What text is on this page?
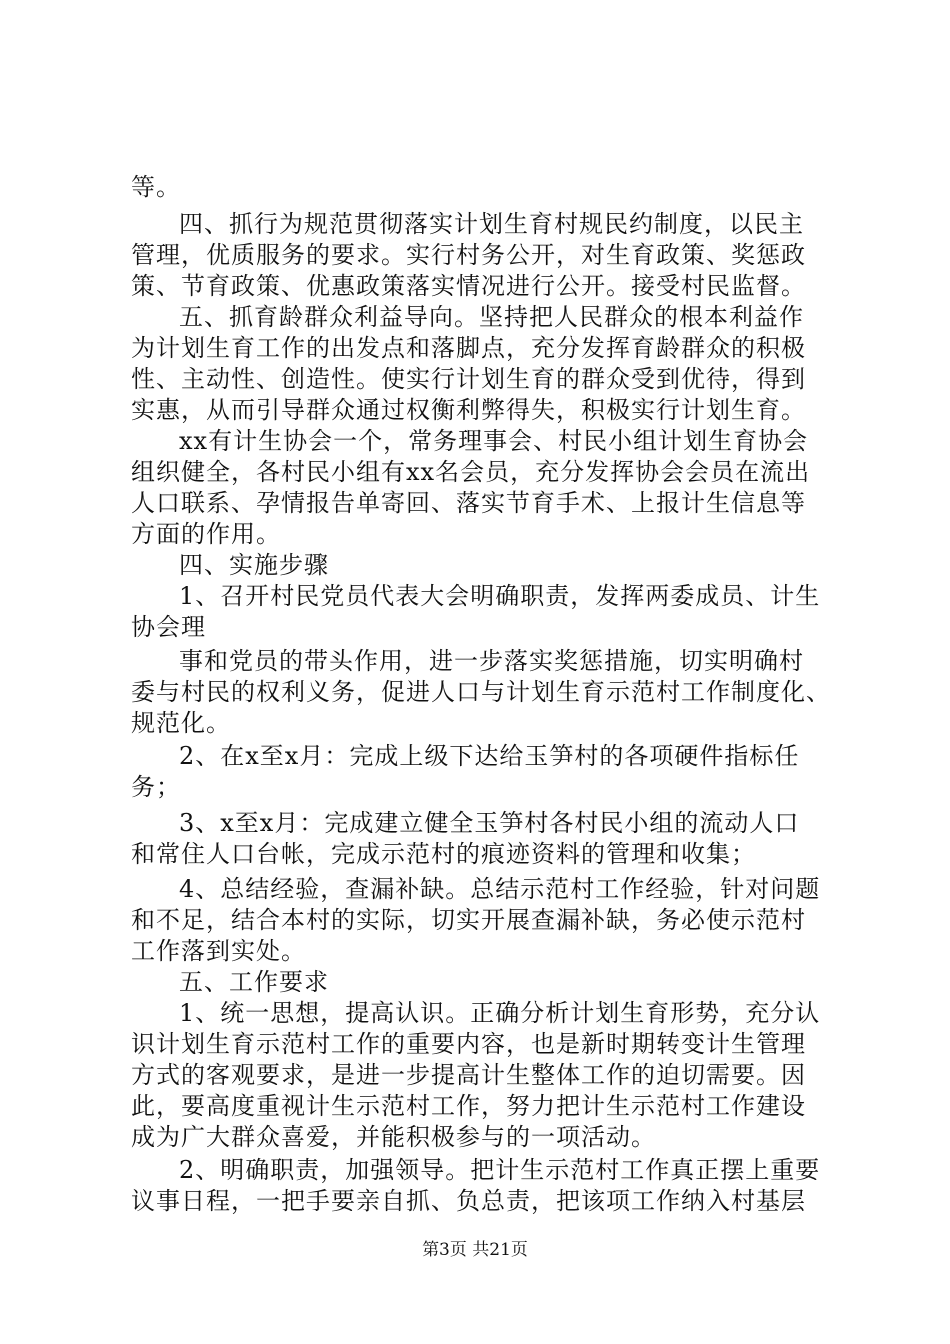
等。
四、抓行为规范贯彻落实计划生育村规民约制度，以民主
管理，优质服务的要求。实行村务公开，对生育政策、奖惩政
策、节育政策、优惠政策落实情况进行公开。接受村民监督。
五、抓育龄群众利益导向。坚持把人民群众的根本利益作
为计划生育工作的出发点和落脚点，充分发挥育龄群众的积极
性、主动性、创造性。使实行计划生育的群众受到优待，得到
实惠，从而引导群众通过权衡利弊得失，积极实行计划生育。
xx有计生协会一个，常务理事会、村民小组计划生育协会
组织健全，各村民小组有xx名会员，充分发挥协会会员在流出
人口联系、孕情报告单寄回、落实节育手术、上报计生信息等
方面的作用。
四、实施步骤
1、召开村民党员代表大会明确职责，发挥两委成员、计生
协会理
事和党员的带头作用，进一步落实奖惩措施，切实明确村
委与村民的权利义务，促进人口与计划生育示范村工作制度化、
规范化。
2、在x至x月：完成上级下达给玉笋村的各项硬件指标任
务；
3、x至x月：完成建立健全玉笋村各村民小组的流动人口
和常住人口台帐，完成示范村的痕迹资料的管理和收集；
4、总结经验，查漏补缺。总结示范村工作经验，针对问题
和不足，结合本村的实际，切实开展查漏补缺，务必使示范村
工作落到实处。
五、工作要求
1、统一思想，提高认识。正确分析计划生育形势，充分认
识计划生育示范村工作的重要内容，也是新时期转变计生管理
方式的客观要求，是进一步提高计生整体工作的迫切需要。因
此，要高度重视计生示范村工作，努力把计生示范村工作建设
成为广大群众喜爱，并能积极参与的一项活动。
2、明确职责，加强领导。把计生示范村工作真正摆上重要
议事日程，一把手要亲自抓、负总责，把该项工作纳入村基层
第3页 共21页
